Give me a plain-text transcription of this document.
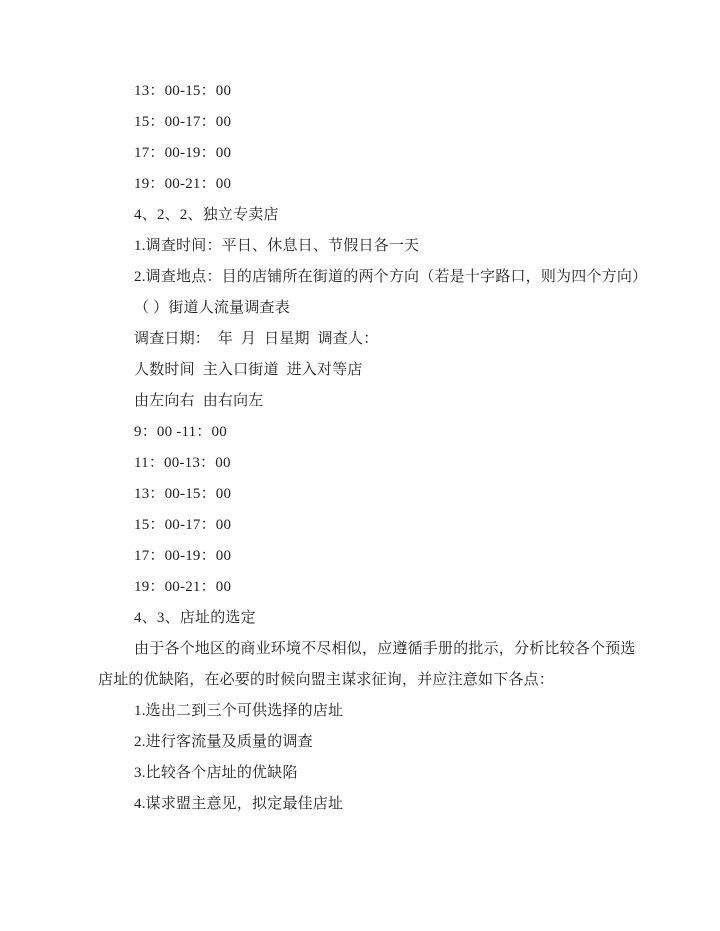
13：00-15：00

15：00-17：00

17：00-19：00

19：00-21：00

4、2、2、独立专卖店

1.调查时间：平日、休息日、节假日各一天

2.调查地点：目的店铺所在街道的两个方向（若是十字路口，则为四个方向）

（ ）街道人流量调查表

调查日期：  年  月  日星期  调查人：

人数时间  主入口街道  进入对等店

由左向右  由右向左

9：00 -11：00

11：00-13：00

13：00-15：00

15：00-17：00

17：00-19：00

19：00-21：00

4、3、店址的选定

由于各个地区的商业环境不尽相似，应遵循手册的批示，分析比较各个预选店址的优缺陷，在必要的时候向盟主谋求征询，并应注意如下各点：

1.选出二到三个可供选择的店址

2.进行客流量及质量的调查

3.比较各个店址的优缺陷

4.谋求盟主意见，拟定最佳店址
